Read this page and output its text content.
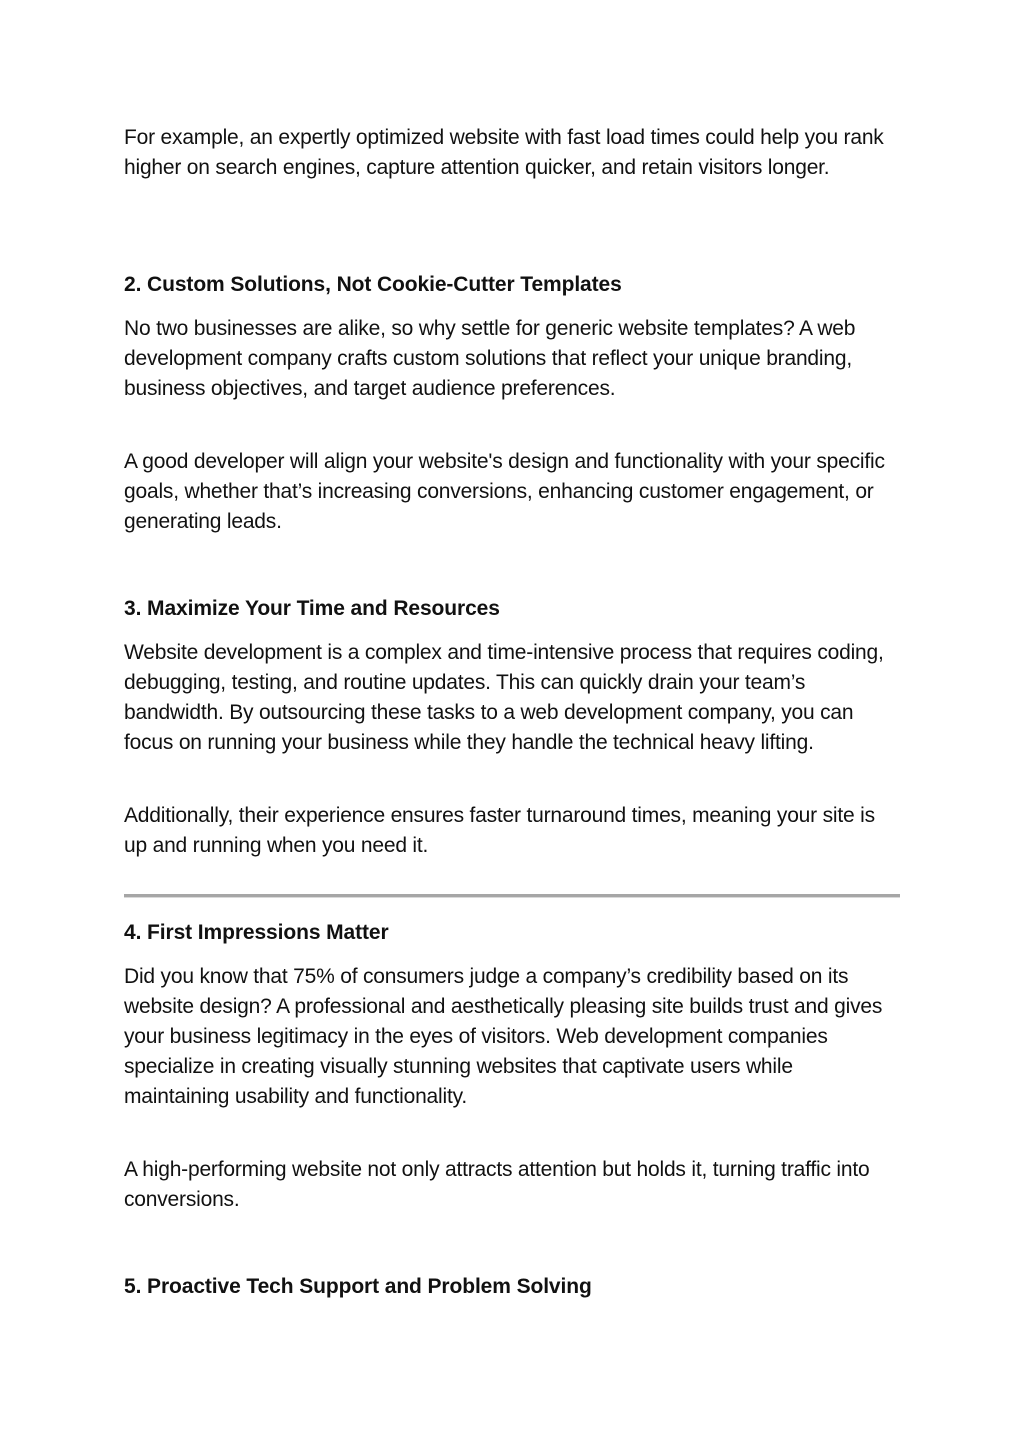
For example, an expertly optimized website with fast load times could help you rank higher on search engines, capture attention quicker, and retain visitors longer.

2. Custom Solutions, Not Cookie-Cutter Templates

No two businesses are alike, so why settle for generic website templates? A web development company crafts custom solutions that reflect your unique branding, business objectives, and target audience preferences.

A good developer will align your website's design and functionality with your specific goals, whether that’s increasing conversions, enhancing customer engagement, or generating leads.

3. Maximize Your Time and Resources

Website development is a complex and time-intensive process that requires coding, debugging, testing, and routine updates. This can quickly drain your team’s bandwidth. By outsourcing these tasks to a web development company, you can focus on running your business while they handle the technical heavy lifting.

Additionally, their experience ensures faster turnaround times, meaning your site is up and running when you need it.

4. First Impressions Matter

Did you know that 75% of consumers judge a company’s credibility based on its website design? A professional and aesthetically pleasing site builds trust and gives your business legitimacy in the eyes of visitors. Web development companies specialize in creating visually stunning websites that captivate users while maintaining usability and functionality.

A high-performing website not only attracts attention but holds it, turning traffic into conversions.

5. Proactive Tech Support and Problem Solving
